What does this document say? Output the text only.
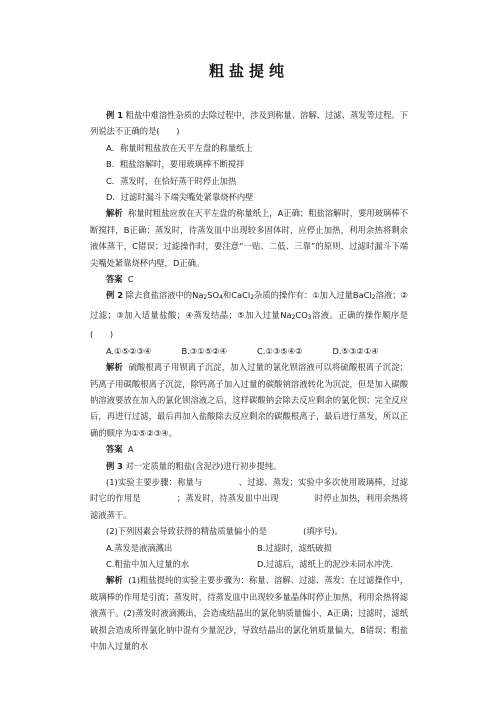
粗盐提纯

例 1 粗盐中难溶性杂质的去除过程中，涉及到称量、溶解、过滤、蒸发等过程。下列说法不正确的是(　　)

A．称量时粗盐放在天平左盘的称量纸上

B．粗盐溶解时，要用玻璃棒不断搅拌

C．蒸发时，在恰好蒸干时停止加热

D．过滤时漏斗下端尖嘴处紧靠烧杯内壁

解析 称量时粗盐应放在天平左盘的称量纸上，A正确；粗盐溶解时，要用玻璃棒不断搅拌，B正确；蒸发时，待蒸发皿中出现较多固体时，应停止加热，利用余热将剩余液体蒸干，C错误；过滤操作时，要注意“一贴、二低、三靠”的原则，过滤时漏斗下端尖嘴处紧靠烧杯内壁，D正确。

答案 C

例 2 除去食盐溶液中的Na2SO4和CaCl2杂质的操作有：①加入过量BaCl2溶液；②过滤；③加入适量盐酸；④蒸发结晶；⑤加入过量Na2CO3溶液。正确的操作顺序是(　　)

A.①⑤②③④	B.③①⑤②④	C.①③⑤④②	D.⑤③②①④

解析 硫酸根离子用钡离子沉淀，加入过量的氯化钡溶液可以将硫酸根离子沉淀；钙离子用碳酸根离子沉淀，除钙离子加入过量的碳酸钠溶液转化为沉淀，但是加入碳酸钠溶液要放在加入的氯化钡溶液之后，这样碳酸钠会除去反应剩余的氯化钡；完全反应后，再进行过滤，最后再加入盐酸除去反应剩余的碳酸根离子，最后进行蒸发，所以正确的顺序为①⑤②③④。

答案 A

例 3 对一定质量的粗盐(含泥沙)进行初步提纯。

(1)实验主要步骤：称量与	、过滤、蒸发；实验中多次使用玻璃棒，过滤时它的作用是	；蒸发时，待蒸发皿中出现	时停止加热，利用余热将滤液蒸干。

(2)下列因素会导致获得的精盐质量偏小的是	(填序号)。

A.蒸发是液滴溅出	B.过滤时，滤纸破损
C.粗盐中加入过量的水	D.过滤后，滤纸上的泥沙未同水冲洗.

解析 (1)粗盐提纯的实验主要步骤为：称量、溶解、过滤、蒸发；在过滤操作中，玻璃棒的作用是引流；蒸发时，待蒸发皿中出现较多量晶体时停止加热，利用余热将滤液蒸干。(2)蒸发时液滴溅出，会造成结晶出的氯化钠质量偏小，A正确；过滤时，滤纸破损会造成所得氯化钠中混有少量泥沙，导致结晶出的氯化钠质量偏大，B错误；粗盐中加入过量的水
